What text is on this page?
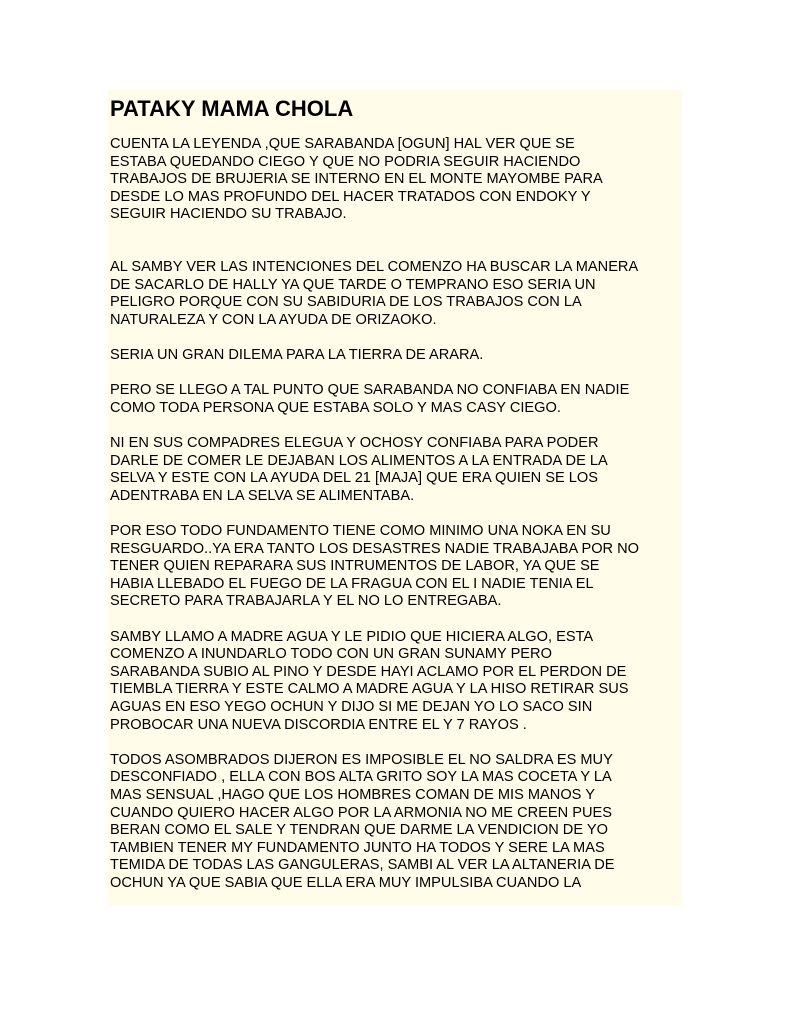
PATAKY MAMA CHOLA

CUENTA LA LEYENDA ,QUE SARABANDA [OGUN] HAL VER QUE SE
ESTABA QUEDANDO CIEGO Y QUE NO PODRIA SEGUIR HACIENDO
TRABAJOS DE BRUJERIA SE INTERNO EN EL MONTE MAYOMBE PARA
DESDE LO MAS PROFUNDO DEL HACER TRATADOS CON ENDOKY Y
SEGUIR HACIENDO SU TRABAJO.

AL SAMBY VER LAS INTENCIONES DEL COMENZO HA BUSCAR LA MANERA
DE SACARLO DE HALLY YA QUE TARDE O TEMPRANO ESO SERIA UN
PELIGRO PORQUE CON SU SABIDURIA DE LOS TRABAJOS CON LA
NATURALEZA Y CON LA AYUDA DE ORIZAOKO.

SERIA UN GRAN DILEMA PARA LA TIERRA DE ARARA.

PERO SE LLEGO A TAL PUNTO QUE SARABANDA NO CONFIABA EN NADIE
COMO TODA PERSONA QUE ESTABA SOLO Y MAS CASY CIEGO.

NI EN SUS COMPADRES ELEGUA Y OCHOSY CONFIABA PARA PODER
DARLE DE COMER LE DEJABAN LOS ALIMENTOS A LA ENTRADA DE LA
SELVA Y ESTE CON LA AYUDA DEL 21 [MAJA] QUE ERA QUIEN SE LOS
ADENTRABA EN LA SELVA SE ALIMENTABA.

POR ESO TODO FUNDAMENTO TIENE COMO MINIMO UNA NOKA EN SU
RESGUARDO..YA ERA TANTO LOS DESASTRES NADIE TRABAJABA POR NO
TENER QUIEN REPARARA SUS INTRUMENTOS DE LABOR, YA QUE SE
HABIA LLEBADO EL FUEGO DE LA FRAGUA CON EL I NADIE TENIA EL
SECRETO PARA TRABAJARLA Y EL NO LO ENTREGABA.

SAMBY LLAMO A MADRE AGUA Y LE PIDIO QUE HICIERA ALGO, ESTA
COMENZO A INUNDARLO TODO CON UN GRAN SUNAMY PERO
SARABANDA SUBIO AL PINO Y DESDE HAYI ACLAMO POR EL PERDON DE
TIEMBLA TIERRA Y ESTE CALMO A MADRE AGUA Y LA HISO RETIRAR SUS
AGUAS EN ESO YEGO OCHUN Y DIJO SI ME DEJAN YO LO SACO SIN
PROBOCAR UNA NUEVA DISCORDIA ENTRE EL Y 7 RAYOS .

TODOS ASOMBRADOS DIJERON ES IMPOSIBLE EL NO SALDRA ES MUY
DESCONFIADO , ELLA CON BOS ALTA GRITO SOY LA MAS COCETA Y LA
MAS SENSUAL ,HAGO QUE LOS HOMBRES COMAN DE MIS MANOS Y
CUANDO QUIERO HACER ALGO POR LA ARMONIA NO ME CREEN PUES
BERAN COMO EL SALE Y TENDRAN QUE DARME LA VENDICION DE YO
TAMBIEN TENER MY FUNDAMENTO JUNTO HA TODOS Y SERE LA MAS
TEMIDA DE TODAS LAS GANGULERAS, SAMBI AL VER LA ALTANERIA DE
OCHUN YA QUE SABIA QUE ELLA ERA MUY IMPULSIBA CUANDO LA
